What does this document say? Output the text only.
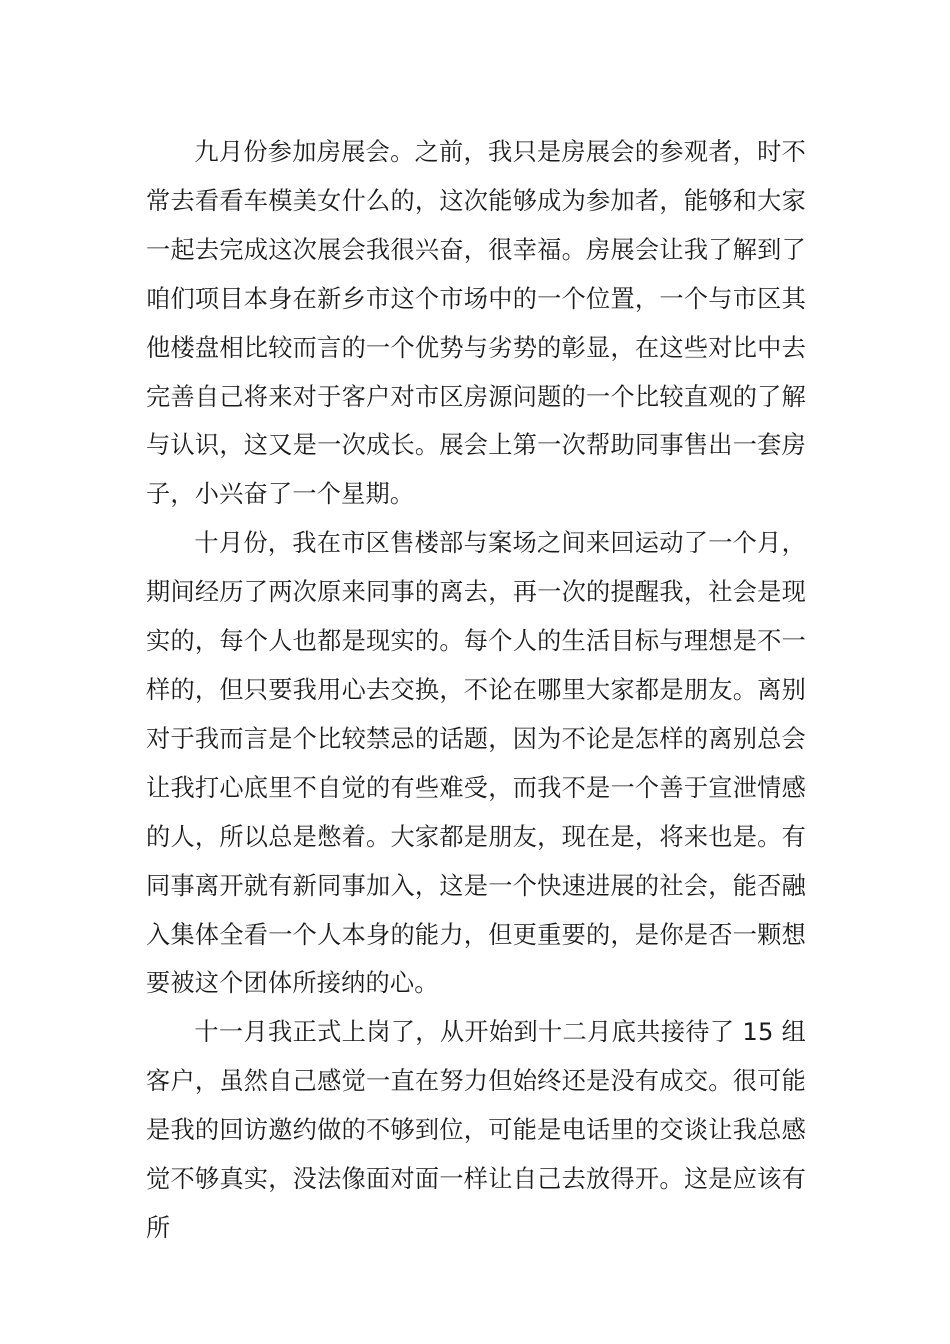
九月份参加房展会。之前，我只是房展会的参观者，时不常去看看车模美女什么的，这次能够成为参加者，能够和大家一起去完成这次展会我很兴奋，很幸福。房展会让我了解到了咱们项目本身在新乡市这个市场中的一个位置，一个与市区其他楼盘相比较而言的一个优势与劣势的彰显，在这些对比中去完善自己将来对于客户对市区房源问题的一个比较直观的了解与认识，这又是一次成长。展会上第一次帮助同事售出一套房子，小兴奋了一个星期。

十月份，我在市区售楼部与案场之间来回运动了一个月，期间经历了两次原来同事的离去，再一次的提醒我，社会是现实的，每个人也都是现实的。每个人的生活目标与理想是不一样的，但只要我用心去交换，不论在哪里大家都是朋友。离别对于我而言是个比较禁忌的话题，因为不论是怎样的离别总会让我打心底里不自觉的有些难受，而我不是一个善于宣泄情感的人，所以总是憋着。大家都是朋友，现在是，将来也是。有同事离开就有新同事加入，这是一个快速进展的社会，能否融入集体全看一个人本身的能力，但更重要的，是你是否一颗想要被这个团体所接纳的心。

十一月我正式上岗了，从开始到十二月底共接待了 15 组客户，虽然自己感觉一直在努力但始终还是没有成交。很可能是我的回访邀约做的不够到位，可能是电话里的交谈让我总感觉不够真实，没法像面对面一样让自己去放得开。这是应该有所
